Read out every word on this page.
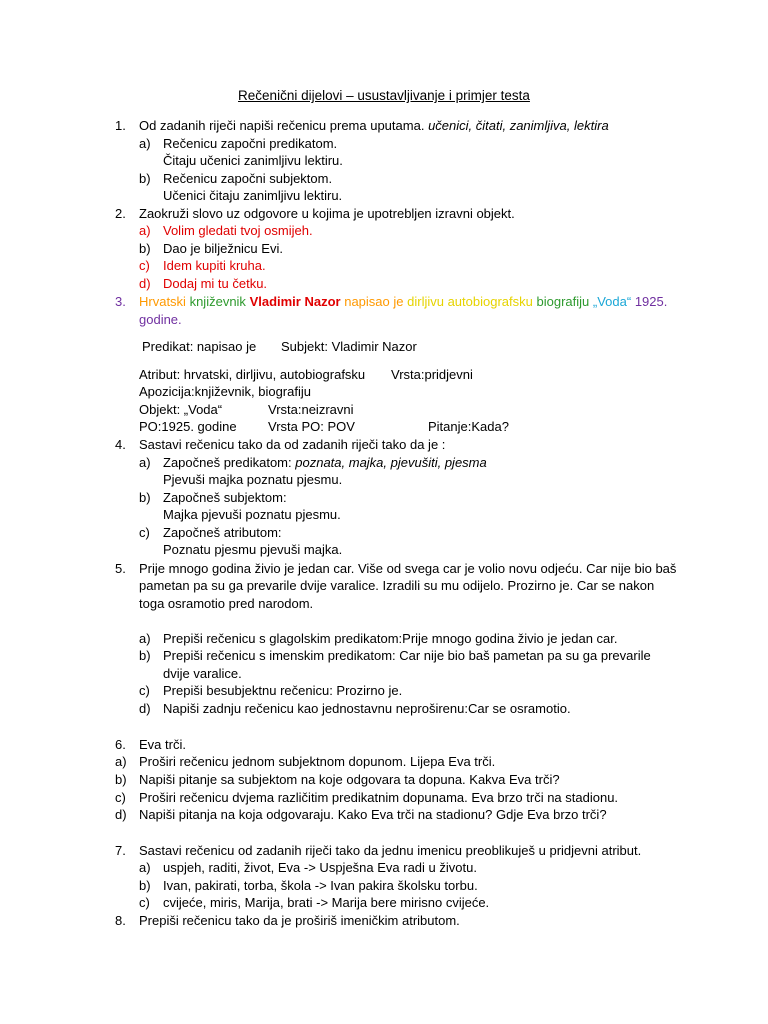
Rečenični dijelovi – usustavljivanje i primjer testa
1. Od zadanih riječi napiši rečenicu prema uputama. učenici, čitati, zanimljiva, lektira
a) Rečenicu započni predikatom.
Čitaju učenici zanimljivu lektiru.
b) Rečenicu započni subjektom.
Učenici čitaju zanimljivu lektiru.
2. Zaokruži slovo uz odgovore u kojima je upotrebljen izravni objekt.
a) Volim gledati tvoj osmijeh.
b) Dao je bilježnicu Evi.
c) Idem kupiti kruha.
d) Dodaj mi tu četku.
3. Hrvatski književnik Vladimir Nazor napisao je dirljivu autobiografsku biografiju „Voda“ 1925.
godine.
Predikat: napisao je Subjekt: Vladimir Nazor
Atribut: hrvatski, dirljivu, autobiografsku Vrsta:pridjevni
Apozicija:književnik, biografiju
Objekt: „Voda“	Vrsta:neizravni
PO:1925. godine Vrsta PO: POV	Pitanje:Kada?
4. Sastavi rečenicu tako da od zadanih riječi tako da je :
a) Započneš predikatom: poznata, majka, pjevušiti, pjesma
Pjevuši majka poznatu pjesmu.
b) Započneš subjektom:
Majka pjevuši poznatu pjesmu.
c) Započneš atributom:
Poznatu pjesmu pjevuši majka.
5. Prije mnogo godina živio je jedan car. Više od svega car je volio novu odjeću. Car nije bio baš
pametan pa su ga prevarile dvije varalice. Izradili su mu odijelo. Prozirno je. Car se nakon
toga osramotio pred narodom.
a) Prepiši rečenicu s glagolskim predikatom:Prije mnogo godina živio je jedan car.
b) Prepiši rečenicu s imenskim predikatom: Car nije bio baš pametan pa su ga prevarile
dvije varalice.
c) Prepiši besubjektnu rečenicu: Prozirno je.
d) Napiši zadnju rečenicu kao jednostavnu neproširenu:Car se osramotio.
6. Eva trči.
a) Proširi rečenicu jednom subjektnom dopunom. Lijepa Eva trči.
b) Napiši pitanje sa subjektom na koje odgovara ta dopuna. Kakva Eva trči?
c) Proširi rečenicu dvjema različitim predikatnim dopunama. Eva brzo trči na stadionu.
d) Napiši pitanja na koja odgovaraju. Kako Eva trči na stadionu? Gdje Eva brzo trči?
7. Sastavi rečenicu od zadanih riječi tako da jednu imenicu preoblikuješ u pridjevni atribut.
a) uspjeh, raditi, život, Eva -> Uspješna Eva radi u životu.
b) Ivan, pakirati, torba, škola -> Ivan pakira školsku torbu.
c) cvijeće, miris, Marija, brati -> Marija bere mirisno cvijeće.
8. Prepiši rečenicu tako da je proširiš imeničkim atributom.
